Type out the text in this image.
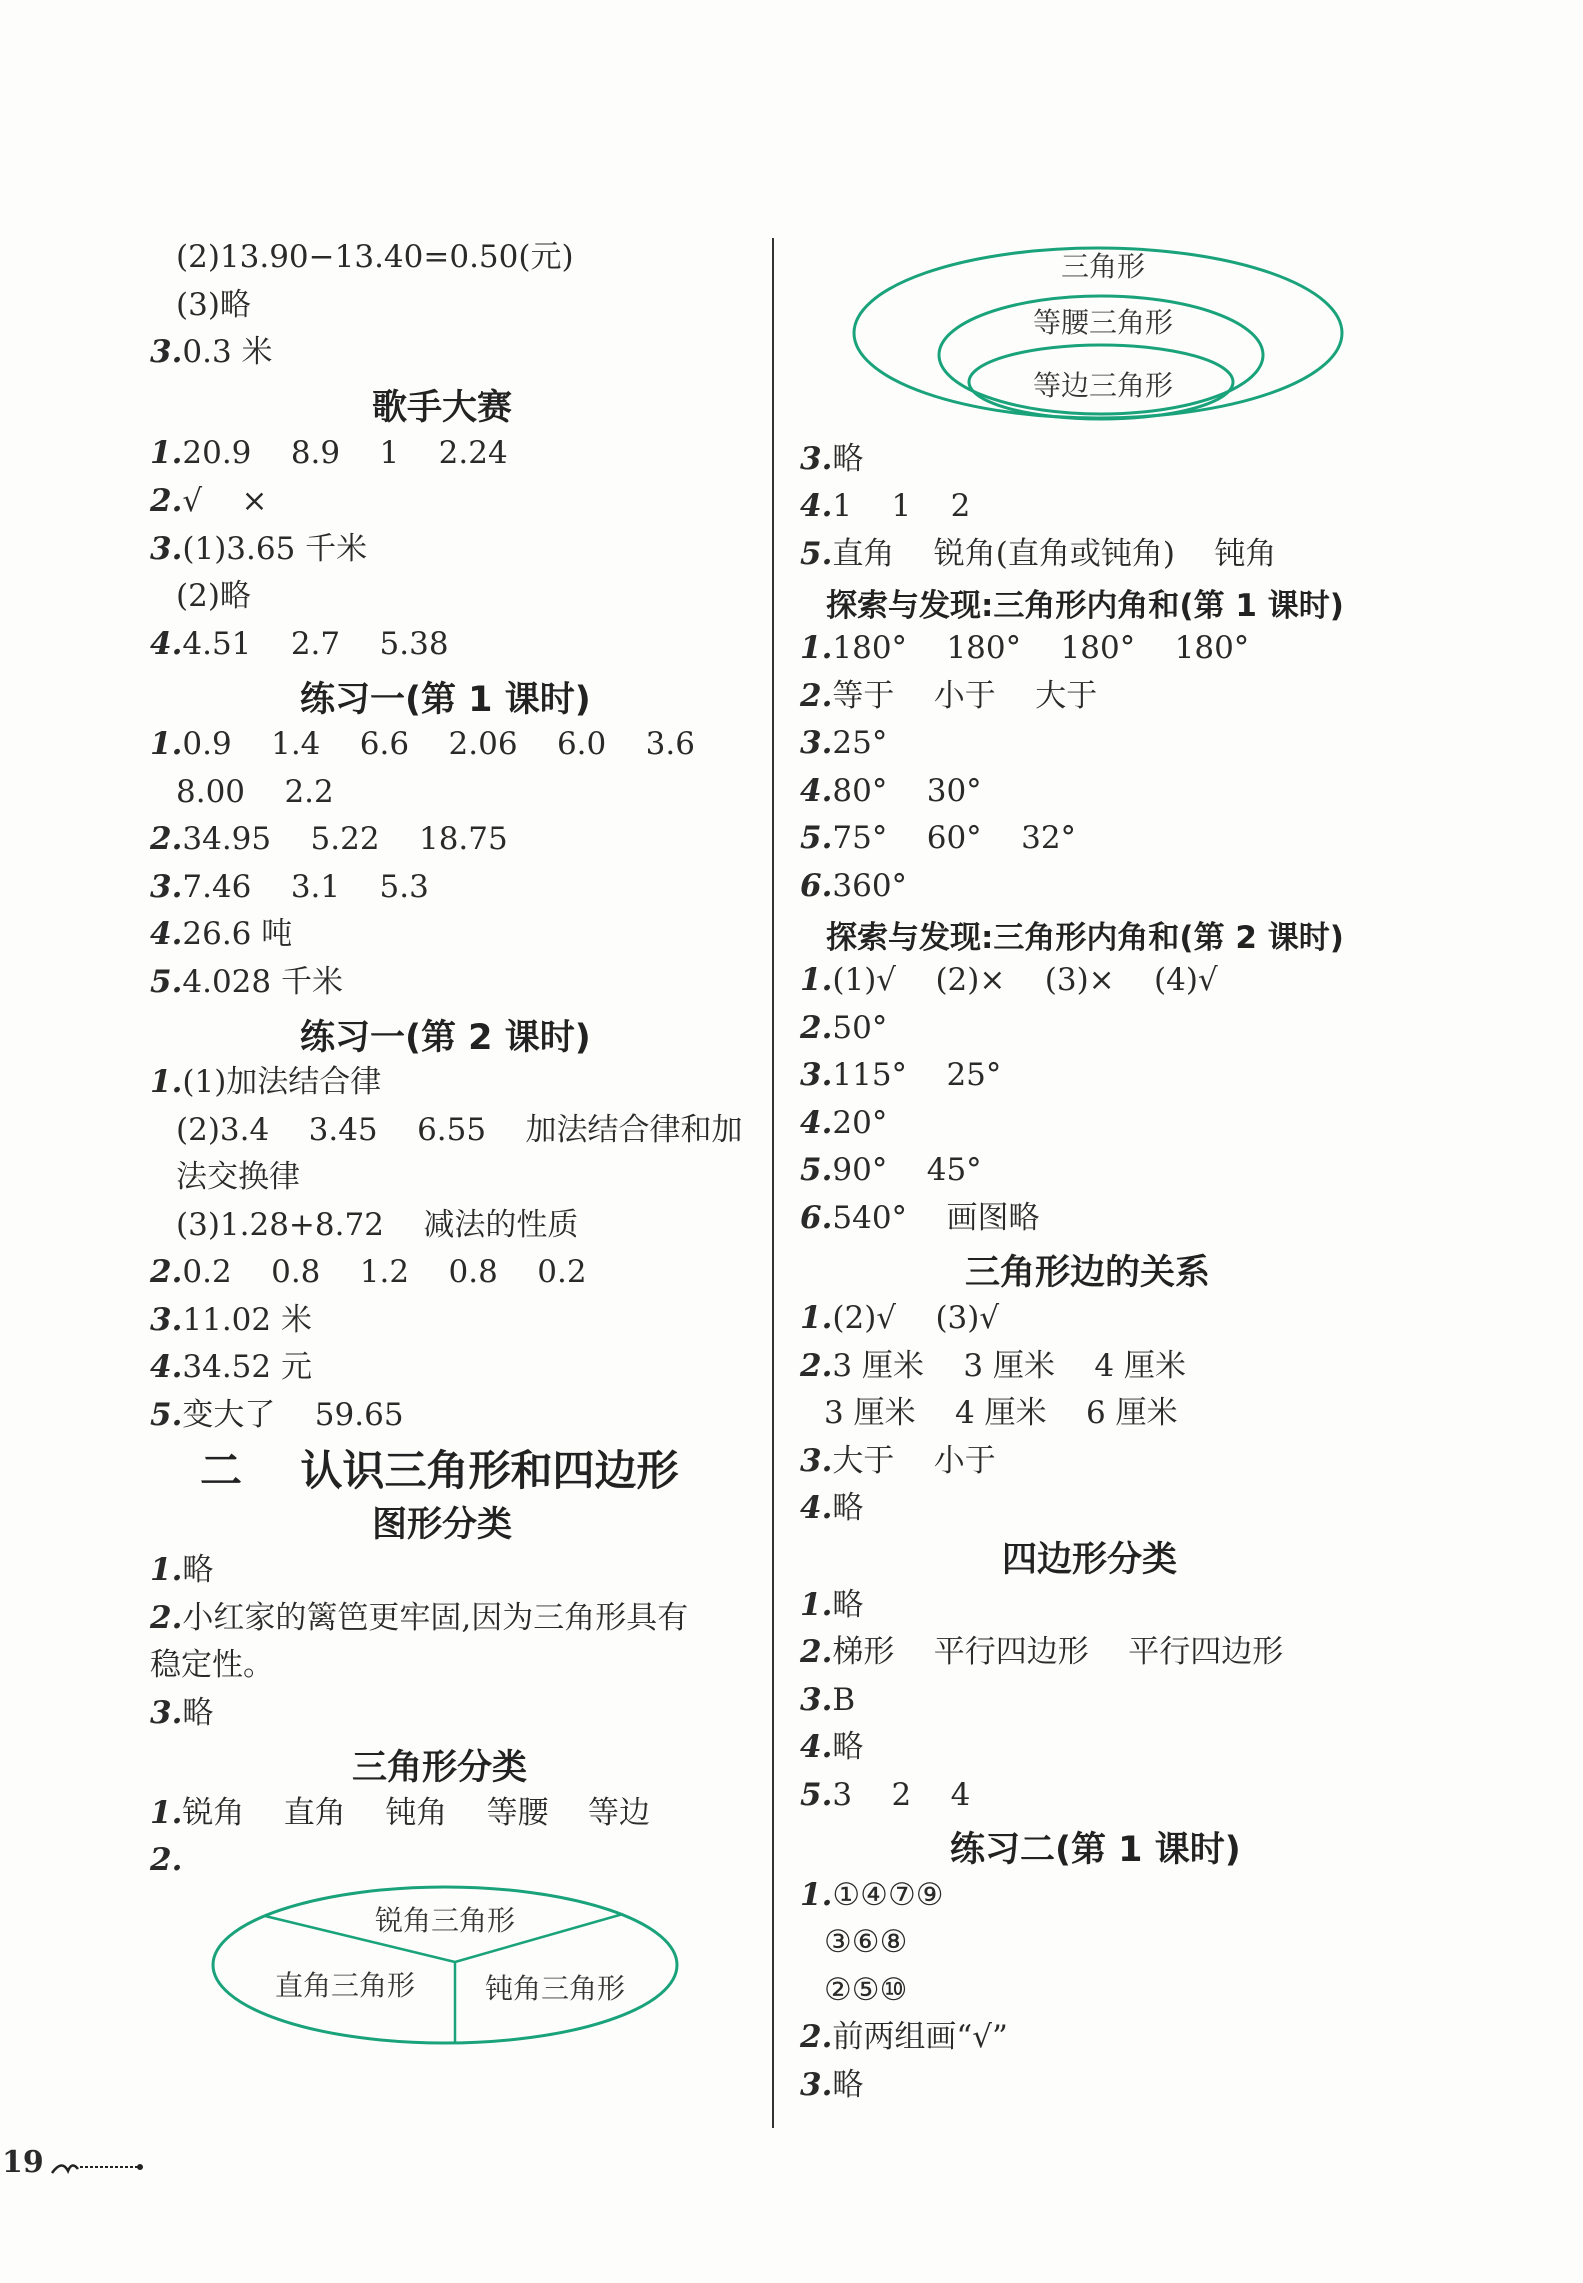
(2)13.90−13.40=0.50(元)
(3)略
3.0.3 米
歌手大赛
1.20.9    8.9    1    2.24
2.√    ×
3.(1)3.65 千米
(2)略
4.4.51    2.7    5.38
练习一(第 1 课时)
1.0.9    1.4    6.6    2.06    6.0    3.6
8.00    2.2
2.34.95    5.22    18.75
3.7.46    3.1    5.3
4.26.6 吨
5.4.028 千米
练习一(第 2 课时)
1.(1)加法结合律
(2)3.4    3.45    6.55    加法结合律和加
法交换律
(3)1.28+8.72    减法的性质
2.0.2    0.8    1.2    0.8    0.2
3.11.02 米
4.34.52 元
5.变大了    59.65
二    认识三角形和四边形
图形分类
1.略
2.小红家的篱笆更牢固,因为三角形具有
稳定性。
3.略
三角形分类
1.锐角    直角    钝角    等腰    等边
2.
锐角三角形
直角三角形 钝角三角形
三角形
等腰三角形
等边三角形
3.略
4.1    1    2
5.直角    锐角(直角或钝角)    钝角
探索与发现:三角形内角和(第 1 课时)
1.180°    180°    180°    180°
2.等于    小于    大于
3.25°
4.80°    30°
5.75°    60°    32°
6.360°
探索与发现:三角形内角和(第 2 课时)
1.(1)√    (2)×    (3)×    (4)√
2.50°
3.115°    25°
4.20°
5.90°    45°
6.540°    画图略
三角形边的关系
1.(2)√    (3)√
2.3 厘米    3 厘米    4 厘米
3 厘米    4 厘米    6 厘米
3.大于    小于
4.略
四边形分类
1.略
2.梯形    平行四边形    平行四边形
3.B
4.略
5.3    2    4
练习二(第 1 课时)
1.①④⑦⑨
③⑥⑧
②⑤⑩
2.前两组画“√”
3.略
19
